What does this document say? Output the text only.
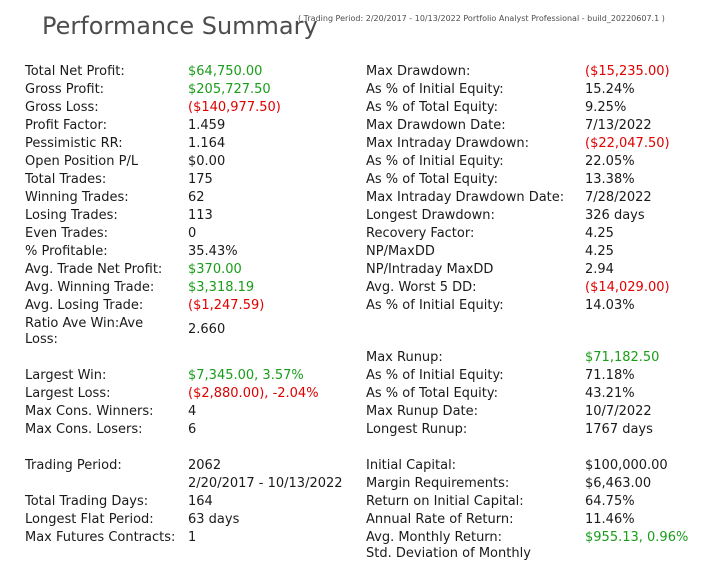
Performance Summary
( Trading Period: 2/20/2017 - 10/13/2022 Portfolio Analyst Professional - build_20220607.1 )
Total Net Profit:	$64,750.00
Gross Profit:	$205,727.50
Gross Loss:	($140,977.50)
Profit Factor:	1.459
Pessimistic RR:	1.164
Open Position P/L	$0.00
Total Trades:	175
Winning Trades:	62
Losing Trades:	113
Even Trades:	0
% Profitable:	35.43%
Avg. Trade Net Profit: $370.00
Avg. Winning Trade:	$3,318.19
Avg. Losing Trade:	($1,247.59)
Ratio Ave Win:Ave Loss:
2.660
Largest Win:	$7,345.00, 3.57%
Largest Loss:	($2,880.00), -2.04%
Max Cons. Winners:	4
Max Cons. Losers:	6
Trading Period:	2062
2/20/2017 - 10/13/2022
Total Trading Days:	164
Longest Flat Period:	63 days
Max Futures Contracts: 1
Max Drawdown:	($15,235.00)
As % of Initial Equity:	15.24%
As % of Total Equity:	9.25%
Max Drawdown Date:	7/13/2022
Max Intraday Drawdown:	($22,047.50)
As % of Initial Equity:	22.05%
As % of Total Equity:	13.38%
Max Intraday Drawdown Date: 7/28/2022
Longest Drawdown:	326 days
Recovery Factor:	4.25
NP/MaxDD	4.25
NP/Intraday MaxDD	2.94
Avg. Worst 5 DD:	($14,029.00)
As % of Initial Equity:	14.03%
Max Runup:	$71,182.50
As % of Initial Equity:	71.18%
As % of Total Equity:	43.21%
Max Runup Date:	10/7/2022
Longest Runup:	1767 days
Initial Capital:	$100,000.00
Margin Requirements:	$6,463.00
Return on Initial Capital:	64.75%
Annual Rate of Return:	11.46%
Avg. Monthly Return:	$955.13, 0.96%
Std. Deviation of Monthly
